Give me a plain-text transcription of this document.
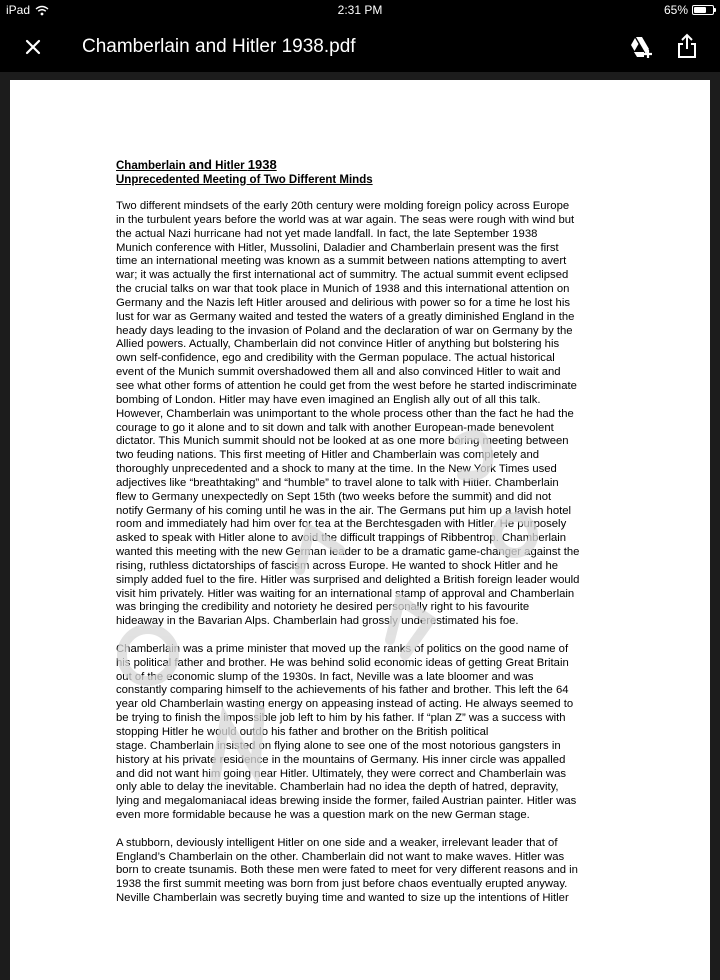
iPad	2:31 PM	65%
Chamberlain and Hitler 1938.pdf
Chamberlain and Hitler 1938
Unprecedented Meeting of Two Different Minds

Two different mindsets of the early 20th century were molding foreign policy across Europe
in the turbulent years before the world was at war again. The seas were rough with wind but
the actual Nazi hurricane had not yet made landfall. In fact, the late September 1938
Munich conference with Hitler, Mussolini, Daladier and Chamberlain present was the first
time an international meeting was known as a summit between nations attempting to avert
war; it was actually the first international act of summitry. The actual summit event eclipsed
the crucial talks on war that took place in Munich of 1938 and this international attention on
Germany and the Nazis left Hitler aroused and delirious with power so for a time he lost his
lust for war as Germany waited and tested the waters of a greatly diminished England in the
heady days leading to the invasion of Poland and the declaration of war on Germany by the
Allied powers. Actually, Chamberlain did not convince Hitler of anything but bolstering his
own self-confidence, ego and credibility with the German populace. The actual historical
event of the Munich summit overshadowed them all and also convinced Hitler to wait and
see what other forms of attention he could get from the west before he started indiscriminate
bombing of London. Hitler may have even imagined an English ally out of all this talk.
However, Chamberlain was unimportant to the whole process other than the fact he had the
courage to go it alone and to sit down and talk with another European-made benevolent
dictator. This Munich summit should not be looked at as one more boring meeting between
two feuding nations. This first meeting of Hitler and Chamberlain was completely and
thoroughly unprecedented and a shock to many at the time. In the New York Times used
adjectives like “breathtaking” and “humble” to travel alone to talk with Hitler. Chamberlain
flew to Germany unexpectedly on Sept 15th (two weeks before the summit) and did not
notify Germany of his coming until he was in the air. The Germans put him up a lavish hotel
room and immediately had him over for tea at the Berchtesgaden with Hitler. He purposely
asked to speak with Hitler alone to avoid the difficult trappings of Ribbentrop. Chamberlain
wanted this meeting with the new German leader to be a dramatic game-changer against the
rising, ruthless dictatorships of fascism across Europe. He wanted to shock Hitler and he
simply added fuel to the fire. Hitler was surprised and delighted a British foreign leader would
visit him privately. Hitler was waiting for an international stamp of approval and Chamberlain
was bringing the credibility and notoriety he desired personally right to his favourite
hideaway in the Bavarian Alps. Chamberlain had grossly underestimated his foe.

Chamberlain was a prime minister that moved up the ranks of politics on the good name of
his political father and brother. He was behind solid economic ideas of getting Great Britain
out of the economic slump of the 1930s. In fact, Neville was a late bloomer and was
constantly comparing himself to the achievements of his father and brother. This left the 64
year old Chamberlain wasting energy on appeasing instead of acting. He always seemed to
be trying to finish the impossible job left to him by his father. If “plan Z” was a success with
stopping Hitler he would outdo his father and brother on the British political
stage. Chamberlain insisted on flying alone to see one of the most notorious gangsters in
history at his private residence in the mountains of Germany. His inner circle was appalled
and did not want him going near Hitler. Ultimately, they were correct and Chamberlain was
only able to delay the inevitable. Chamberlain had no idea the depth of hatred, depravity,
lying and megalomaniacal ideas brewing inside the former, failed Austrian painter. Hitler was
even more formidable because he was a question mark on the new German stage.

A stubborn, deviously intelligent Hitler on one side and a weaker, irrelevant leader that of
England’s Chamberlain on the other. Chamberlain did not want to make waves. Hitler was
born to create tsunamis. Both these men were fated to meet for very different reasons and in
1938 the first summit meeting was born from just before chaos eventually erupted anyway.
Neville Chamberlain was secretly buying time and wanted to size up the intentions of Hitler
